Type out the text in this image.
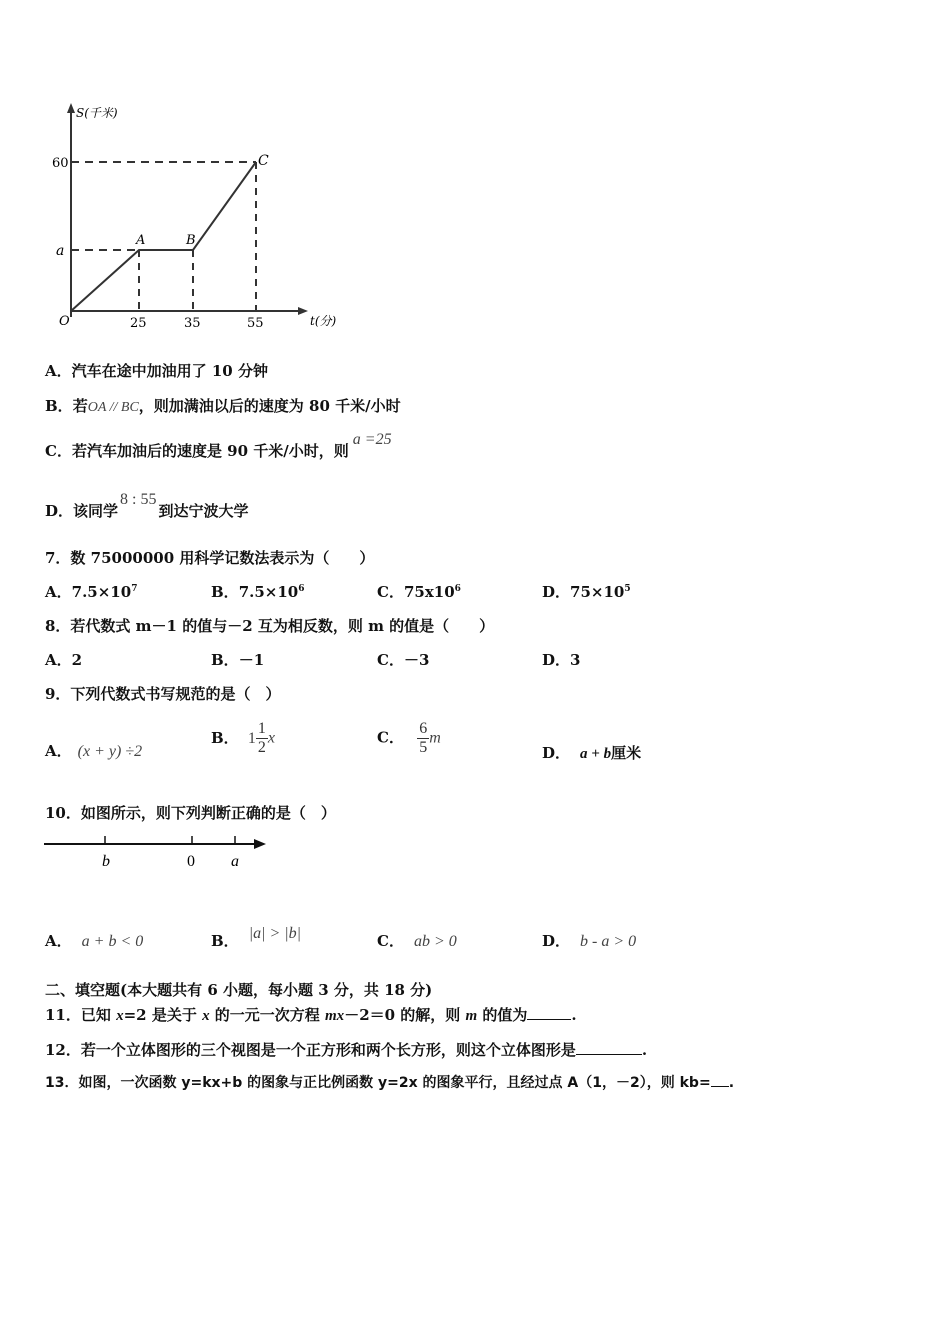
S(千米)
t(分)
60
a
O	25	35	55
A	B
C
A．汽车在途中加油用了 10 分钟
B．若OA // BC，则加满油以后的速度为 80 千米/小时
C．若汽车加油后的速度是 90 千米/小时，则a =25
D．该同学8 : 55到达宁波大学
7．数 75000000 用科学记数法表示为（　　）
A．$7.5\times 10^7$	B．$7.5\times 10^6$	C．$75x10^6$	D．$75\times 10^5$
8．若代数式 m－1 的值与－2 互为相反数，则 m 的值是（　　）
A．2	B．－1	C．－3	D．3
9．下列代数式书写规范的是（　）
A． (x + y) ÷2
B． $1 \frac{1}{2}$ x	C． $\frac{6}{5}$ m
D． a + b厘米
10．如图所示，则下列判断正确的是（　）
b	0 a
A． a + b < 0	B． |a| > |b|	C． ab > 0	D． b - a > 0
二、填空题(本大题共有 6 小题，每小题 3 分，共 18 分)
11．已知 x=2 是关于 x 的一元一次方程 mx－2＝0 的解，则 m 的值为	.
12．若一个立体图形的三个视图是一个正方形和两个长方形，则这个立体图形是	.
13．如图，一次函数 y=kx+b 的图象与正比例函数 y=2x 的图象平行，且经过点 A（1，－2），则 kb= .
